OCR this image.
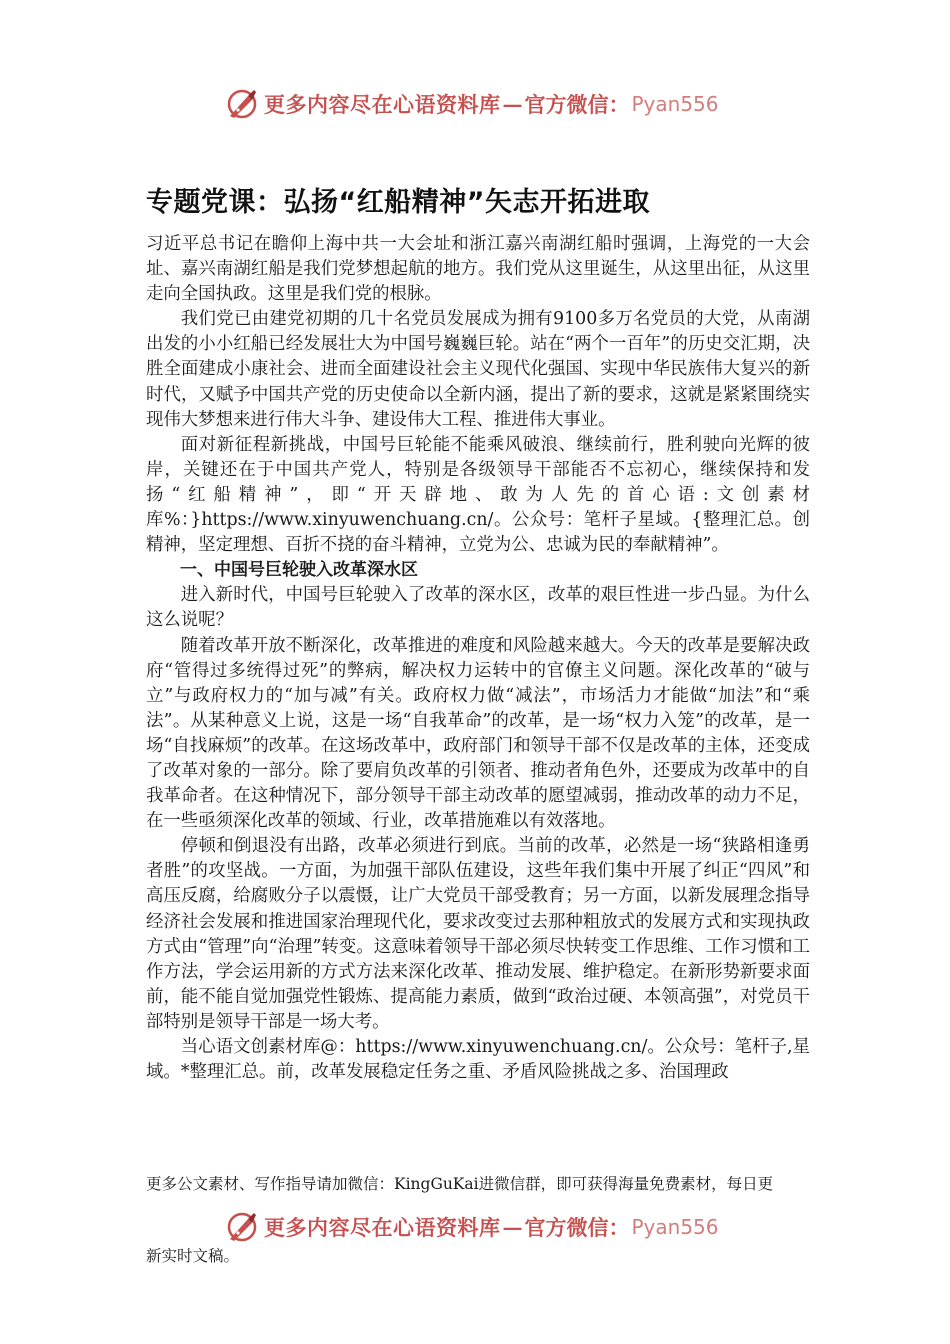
更多内容尽在心语资料库 — 官方微信： Pyan556
专题党课：弘扬“红船精神”矢志开拓进取

习近平总书记在瞻仰上海中共一大会址和浙江嘉兴南湖红船时强调，上海党的一大会址、嘉兴南湖红船是我们党梦想起航的地方。我们党从这里诞生，从这里出征，从这里走向全国执政。这里是我们党的根脉。

我们党已由建党初期的几十名党员发展成为拥有9100多万名党员的大党，从南湖出发的小小红船已经发展壮大为中国号巍巍巨轮。站在“两个一百年”的历史交汇期，决胜全面建成小康社会、进而全面建设社会主义现代化强国、实现中华民族伟大复兴的新时代，又赋予中国共产党的历史使命以全新内涵，提出了新的要求，这就是紧紧围绕实现伟大梦想来进行伟大斗争、建设伟大工程、推进伟大事业。

面对新征程新挑战，中国号巨轮能不能乘风破浪、继续前行，胜利驶向光辉的彼岸，关键还在于中国共产党人，特别是各级领导干部能否不忘初心，继续保持和发扬“红船精神”，即“开天辟地、敢为人先的首心语:文创素材库%：}https://www.xinyuwenchuang.cn/。公众号：笔杆子星域。{整理汇总。创精神，坚定理想、百折不挠的奋斗精神，立党为公、忠诚为民的奉献精神”。

一、中国号巨轮驶入改革深水区

进入新时代，中国号巨轮驶入了改革的深水区，改革的艰巨性进一步凸显。为什么这么说呢？

随着改革开放不断深化，改革推进的难度和风险越来越大。今天的改革是要解决政府“管得过多统得过死”的弊病，解决权力运转中的官僚主义问题。深化改革的“破与立”与政府权力的“加与减”有关。政府权力做“减法”，市场活力才能做“加法”和“乘法”。从某种意义上说，这是一场“自我革命”的改革，是一场“权力入笼”的改革，是一场“自找麻烦”的改革。在这场改革中，政府部门和领导干部不仅是改革的主体，还变成了改革对象的一部分。除了要肩负改革的引领者、推动者角色外，还要成为改革中的自我革命者。在这种情况下，部分领导干部主动改革的愿望减弱，推动改革的动力不足，在一些亟须深化改革的领域、行业，改革措施难以有效落地。

停顿和倒退没有出路，改革必须进行到底。当前的改革，必然是一场“狭路相逢勇者胜”的攻坚战。一方面，为加强干部队伍建设，这些年我们集中开展了纠正“四风”和高压反腐，给腐败分子以震慑，让广大党员干部受教育；另一方面，以新发展理念指导经济社会发展和推进国家治理现代化，要求改变过去那种粗放式的发展方式和实现执政方式由“管理”向“治理”转变。这意味着领导干部必须尽快转变工作思维、工作习惯和工作方法，学会运用新的方式方法来深化改革、推动发展、维护稳定。在新形势新要求面前，能不能自觉加强党性锻炼、提高能力素质，做到“政治过硬、本领高强”，对党员干部特别是领导干部是一场大考。

当心语文创素材库@：https://www.xinyuwenchuang.cn/。公众号：笔杆子,星域。*整理汇总。前，改革发展稳定任务之重、矛盾风险挑战之多、治国理政

更多公文素材、写作指导请加微信：KingGuKai进微信群，即可获得海量免费素材，每日更
更多内容尽在心语资料库 — 官方微信： Pyan556
新实时文稿。
